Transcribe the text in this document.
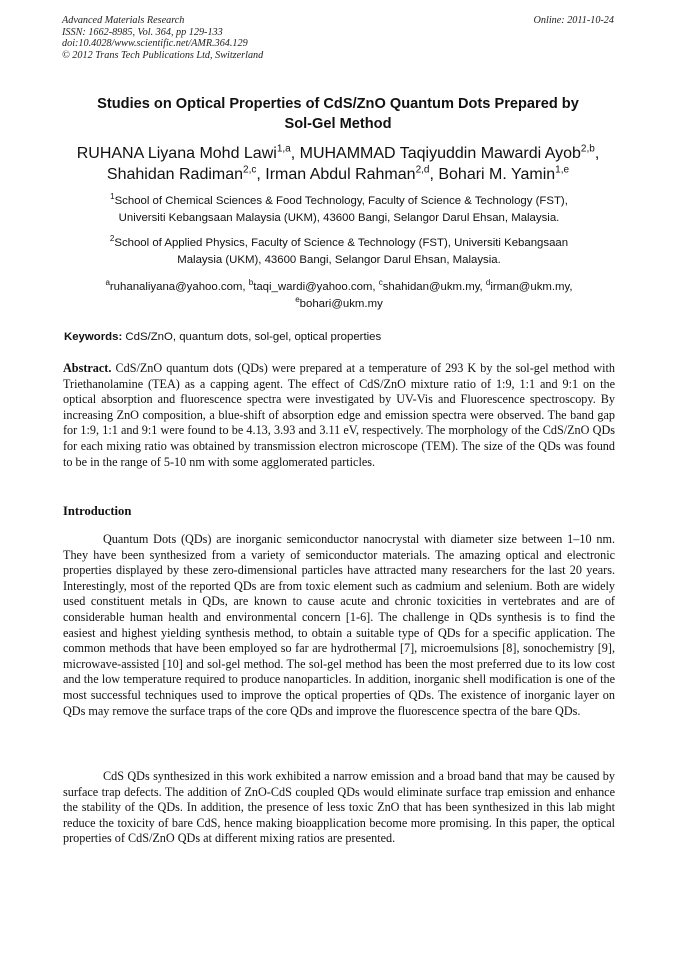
Advanced Materials Research
ISSN: 1662-8985, Vol. 364, pp 129-133
doi:10.4028/www.scientific.net/AMR.364.129
© 2012 Trans Tech Publications Ltd, Switzerland
Online: 2011-10-24
Studies on Optical Properties of CdS/ZnO Quantum Dots Prepared by
Sol-Gel Method
RUHANA Liyana Mohd Lawi$^{1,a}$, MUHAMMAD Taqiyuddin Mawardi Ayob$^{2,b}$,
Shahidan Radiman$^{2,c}$, Irman Abdul Rahman$^{2,d}$, Bohari M. Yamin$^{1,e}$
$^1$School of Chemical Sciences & Food Technology, Faculty of Science & Technology (FST),
Universiti Kebangsaan Malaysia (UKM), 43600 Bangi, Selangor Darul Ehsan, Malaysia.
$^2$School of Applied Physics, Faculty of Science & Technology (FST), Universiti Kebangsaan
Malaysia (UKM), 43600 Bangi, Selangor Darul Ehsan, Malaysia.
$^a$ruhanaliyana@yahoo.com, $^b$taqi_wardi@yahoo.com, $^c$shahidan@ukm.my, $^d$irman@ukm.my,
$^e$bohari@ukm.my
Keywords: CdS/ZnO, quantum dots, sol-gel, optical properties
Abstract. CdS/ZnO quantum dots (QDs) were prepared at a temperature of 293 K by the sol-gel method with Triethanolamine (TEA) as a capping agent. The effect of CdS/ZnO mixture ratio of 1:9, 1:1 and 9:1 on the optical absorption and fluorescence spectra were investigated by UV-Vis and Fluorescence spectroscopy. By increasing ZnO composition, a blue-shift of absorption edge and emission spectra were observed. The band gap for 1:9, 1:1 and 9:1 were found to be 4.13, 3.93 and 3.11 eV, respectively. The morphology of the CdS/ZnO QDs for each mixing ratio was obtained by transmission electron microscope (TEM). The size of the QDs was found to be in the range of 5-10 nm with some agglomerated particles.
Introduction
Quantum Dots (QDs) are inorganic semiconductor nanocrystal with diameter size between 1–10 nm. They have been synthesized from a variety of semiconductor materials. The amazing optical and electronic properties displayed by these zero-dimensional particles have attracted many researchers for the last 20 years. Interestingly, most of the reported QDs are from toxic element such as cadmium and selenium. Both are widely used constituent metals in QDs, are known to cause acute and chronic toxicities in vertebrates and are of considerable human health and environmental concern [1-6]. The challenge in QDs synthesis is to find the easiest and highest yielding synthesis method, to obtain a suitable type of QDs for a specific application. The common methods that have been employed so far are hydrothermal [7], microemulsions [8], sonochemistry [9], microwave-assisted [10] and sol-gel method. The sol-gel method has been the most preferred due to its low cost and the low temperature required to produce nanoparticles. In addition, inorganic shell modification is one of the most successful techniques used to improve the optical properties of QDs. The existence of inorganic layer on QDs may remove the surface traps of the core QDs and improve the fluorescence spectra of the bare QDs.
CdS QDs synthesized in this work exhibited a narrow emission and a broad band that may be caused by surface trap defects. The addition of ZnO-CdS coupled QDs would eliminate surface trap emission and enhance the stability of the QDs. In addition, the presence of less toxic ZnO that has been synthesized in this lab might reduce the toxicity of bare CdS, hence making bioapplication become more promising. In this paper, the optical properties of CdS/ZnO QDs at different mixing ratios are presented.
